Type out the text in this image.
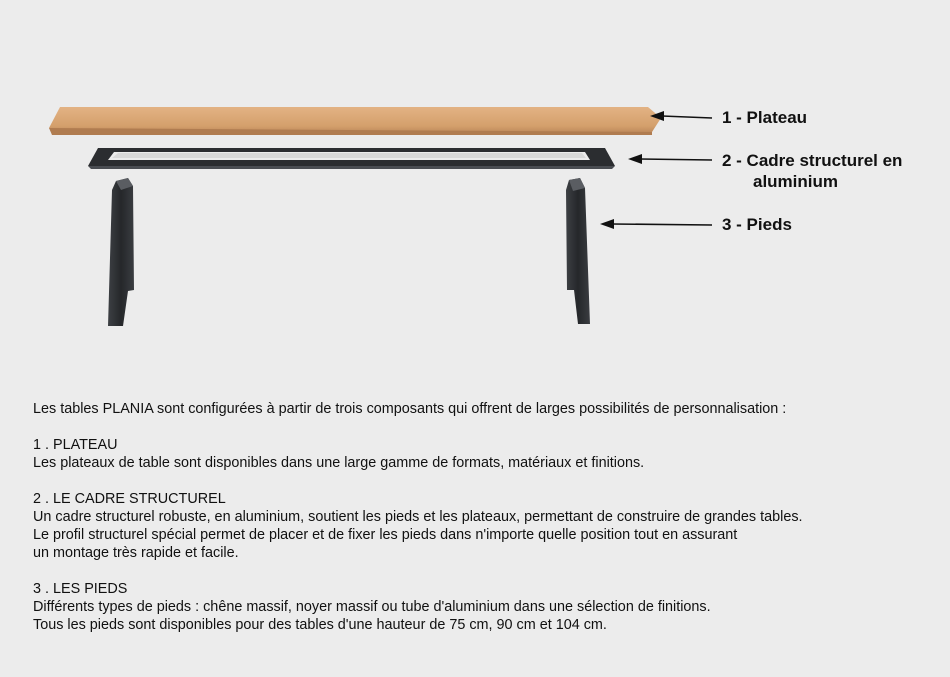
1 - Plateau
2 - Cadre structurel en
aluminium
3 - Pieds

Les tables PLANIA sont configurées à partir de trois composants qui offrent de larges possibilités de personnalisation :

1 . PLATEAU
Les plateaux de table sont disponibles dans une large gamme de formats, matériaux et finitions.
2 . LE CADRE STRUCTUREL
Un cadre structurel robuste, en aluminium, soutient les pieds et les plateaux, permettant de construire de grandes tables.
Le profil structurel spécial permet de placer et de fixer les pieds dans n'importe quelle position tout en assurant
un montage très rapide et facile.
3 . LES PIEDS
Différents types de pieds : chêne massif, noyer massif ou tube d'aluminium dans une sélection de finitions.
Tous les pieds sont disponibles pour des tables d'une hauteur de 75 cm, 90 cm et 104 cm.
